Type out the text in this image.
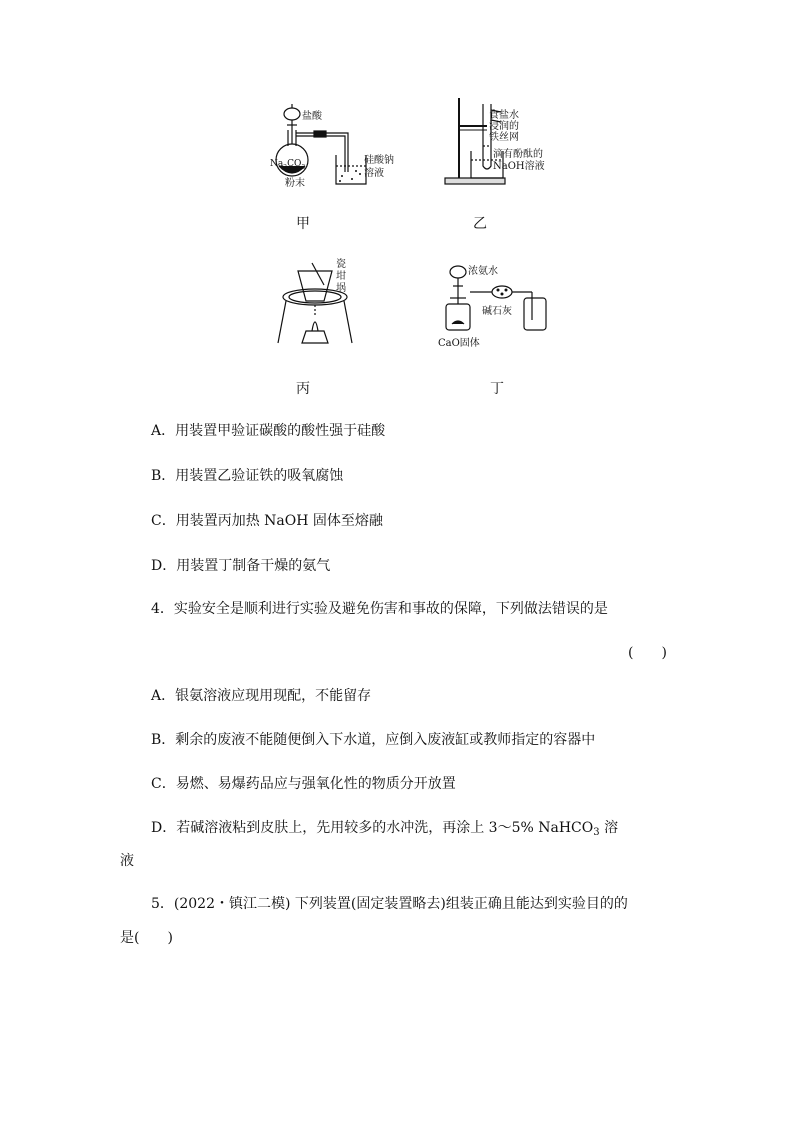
盐酸
$Na_2CO_3$
粉末
硅酸钠
溶液
甲
食盐水
浸润的
铁丝网
滴有酚酞的
NaOH溶液
乙
瓷
坩
埚
丙
浓氨水
碱石灰
CaO固体
丁
A．用装置甲验证碳酸的酸性强于硅酸
B．用装置乙验证铁的吸氧腐蚀
C．用装置丙加热 NaOH 固体至熔融
D．用装置丁制备干燥的氨气
4．实验安全是顺利进行实验及避免伤害和事故的保障，下列做法错误的是
(　　)
A．银氨溶液应现用现配，不能留存
B．剩余的废液不能随便倒入下水道，应倒入废液缸或教师指定的容器中
C．易燃、易爆药品应与强氧化性的物质分开放置
D．若碱溶液粘到皮肤上，先用较多的水冲洗，再涂上 3～5% NaHCO$_3$ 溶
液
5．(2022・镇江二模) 下列装置(固定装置略去)组装正确且能达到实验目的的
是(　　)
